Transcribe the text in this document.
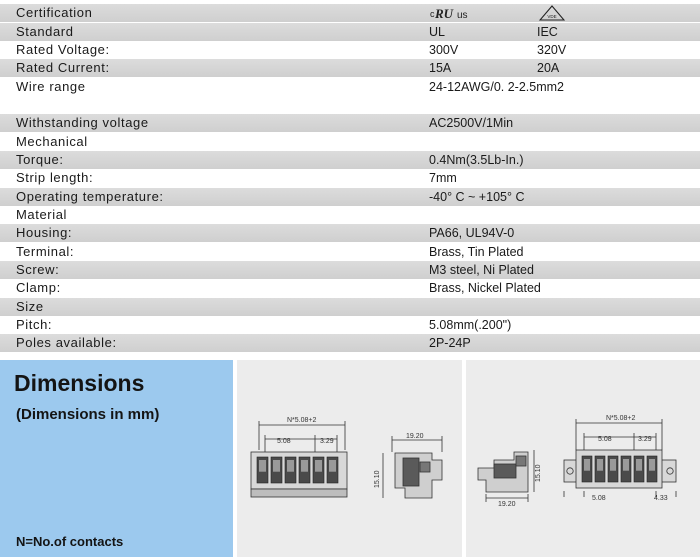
Certification	c RU us	VDE
Standard	UL	IEC
Rated Voltage:	300V	320V
Rated Current:	15A	20A
Wire range	24-12AWG/0. 2-2.5mm2
Withstanding voltage	AC2500V/1Min
Mechanical
Torque:	0.4Nm(3.5Lb-In.)
Strip length:	7mm
Operating temperature:	-40° C ~ +105° C
Material
Housing:	PA66, UL94V-0
Terminal:	Brass, Tin Plated
Screw:	M3 steel, Ni Plated
Clamp:	Brass, Nickel Plated
Size
Pitch:	5.08mm(.200")
Poles available:	2P-24P
Dimensions
(Dimensions in mm)
N=No.of contacts
N*5.08+2
5.08	3.29
19.20
15.10	15.10
19.20
N*5.08+2
5.08	3.29
5.08	4.33
